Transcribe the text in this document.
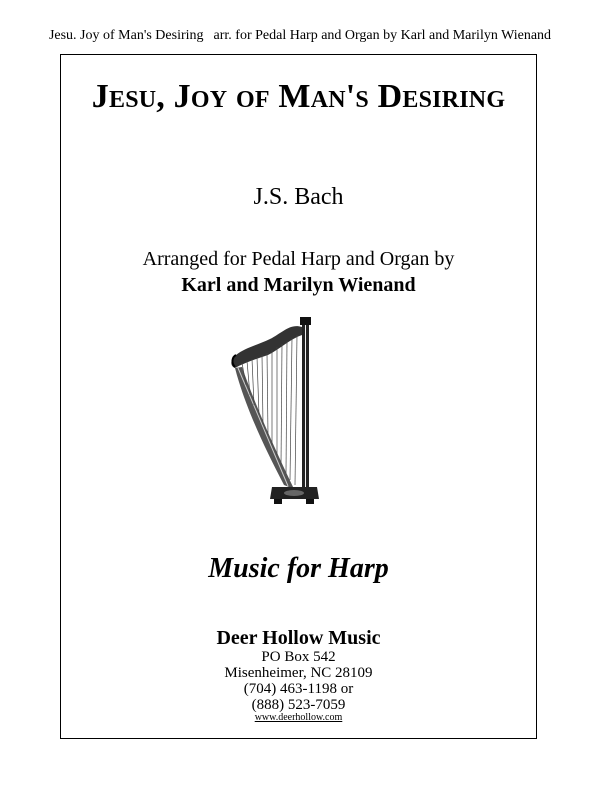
Jesu. Joy of Man's Desiring arr. for Pedal Harp and Organ by Karl and Marilyn Wienand
Jesu, Joy of Man's Desiring
J.S. Bach
Arranged for Pedal Harp and Organ by
Karl and Marilyn Wienand
Music for Harp
Deer Hollow Music
PO Box 542
Misenheimer, NC 28109
(704) 463-1198 or
(888) 523-7059
www.deerhollow.com
